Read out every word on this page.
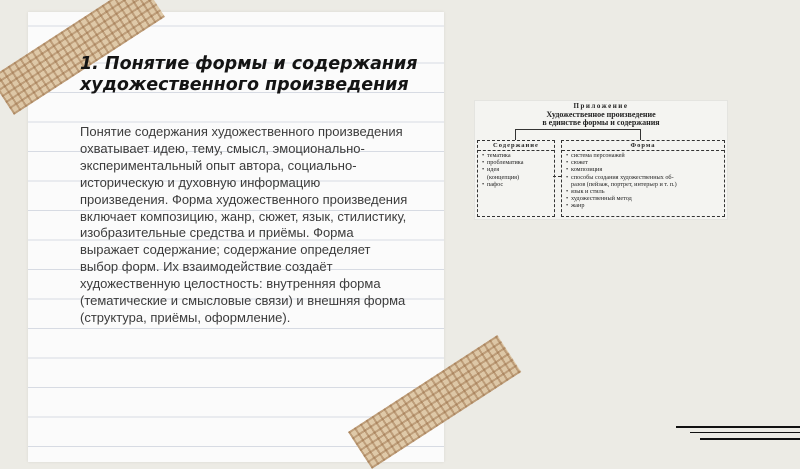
1. Понятие формы и содержания художественного произведения
Понятие содержания художественного произведения охватывает идею, тему, смысл, эмоционально-экспериментальный опыт автора, социально-историческую и духовную информацию произведения. Форма художественного произведения включает композицию, жанр, сюжет, язык, стилистику, изобразительные средства и приёмы. Форма выражает содержание; содержание определяет выбор форм. Их взаимодействие создаёт художественную целостность: внутренняя форма (тематические и смысловые связи) и внешняя форма (структура, приёмы, оформление).
Приложение
Художественное произведение
в единстве формы и содержания
Содержание
• тематика
• проблематика
• идея
(концепция)
• пафос
Форма
• система персонажей
• сюжет
• композиция
• способы создания художественных об-
разов (пейзаж, портрет, интерьер и т. п.)
• язык и стиль
• художественный метод
• жанр
